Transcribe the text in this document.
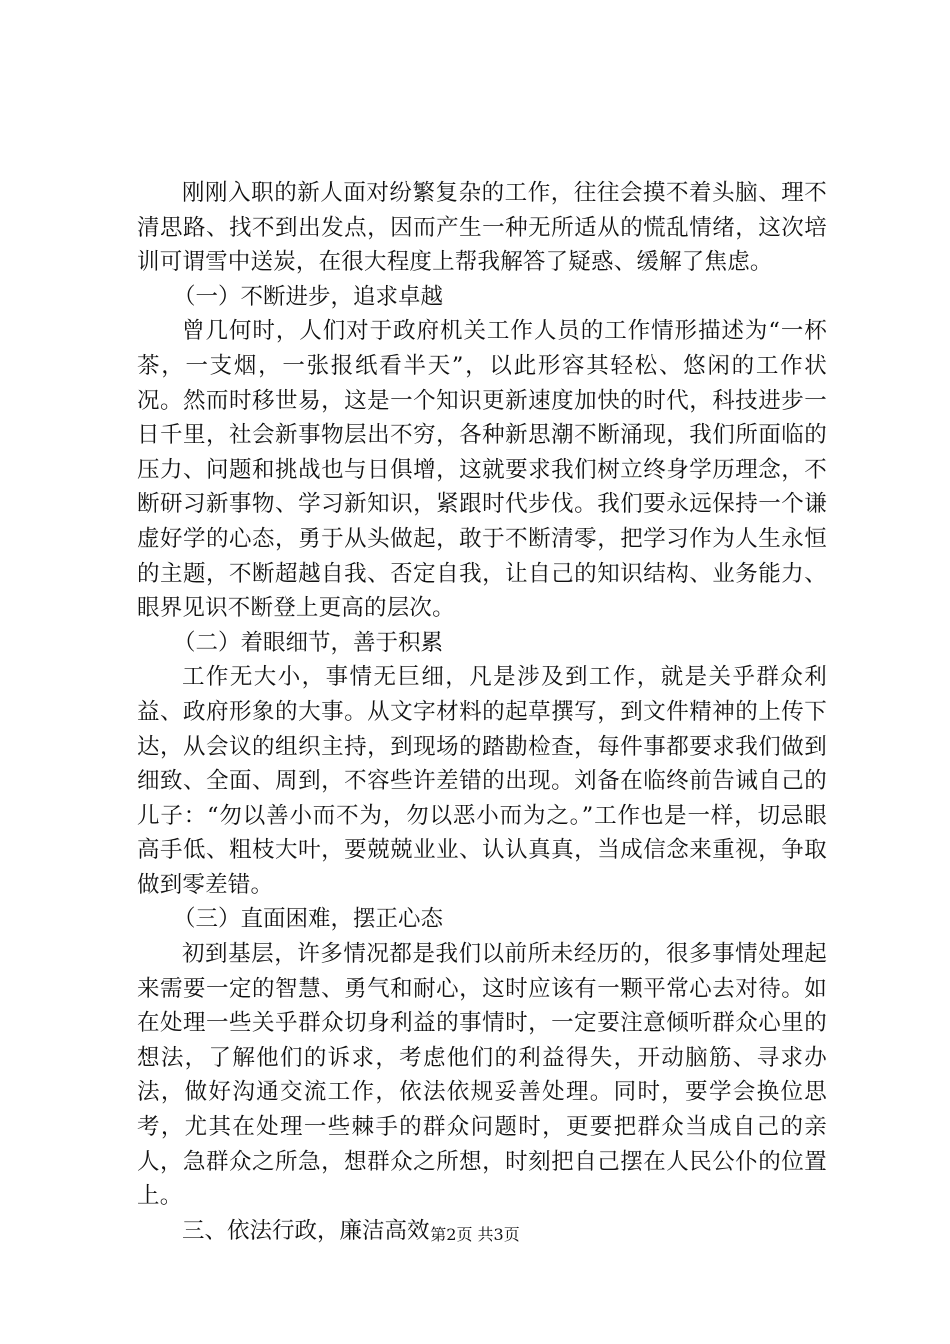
刚刚入职的新人面对纷繁复杂的工作，往往会摸不着头脑、理不清思路、找不到出发点，因而产生一种无所适从的慌乱情绪，这次培训可谓雪中送炭，在很大程度上帮我解答了疑惑、缓解了焦虑。

（一）不断进步，追求卓越

曾几何时，人们对于政府机关工作人员的工作情形描述为“一杯茶，一支烟，一张报纸看半天”，以此形容其轻松、悠闲的工作状况。然而时移世易，这是一个知识更新速度加快的时代，科技进步一日千里，社会新事物层出不穷，各种新思潮不断涌现，我们所面临的压力、问题和挑战也与日俱增，这就要求我们树立终身学历理念，不断研习新事物、学习新知识，紧跟时代步伐。我们要永远保持一个谦虚好学的心态，勇于从头做起，敢于不断清零，把学习作为人生永恒的主题，不断超越自我、否定自我，让自己的知识结构、业务能力、眼界见识不断登上更高的层次。

（二）着眼细节，善于积累

工作无大小，事情无巨细，凡是涉及到工作，就是关乎群众利益、政府形象的大事。从文字材料的起草撰写，到文件精神的上传下达，从会议的组织主持，到现场的踏勘检查，每件事都要求我们做到细致、全面、周到，不容些许差错的出现。刘备在临终前告诫自己的儿子：“勿以善小而不为，勿以恶小而为之。”工作也是一样，切忌眼高手低、粗枝大叶，要兢兢业业、认认真真，当成信念来重视，争取做到零差错。

（三）直面困难，摆正心态

初到基层，许多情况都是我们以前所未经历的，很多事情处理起来需要一定的智慧、勇气和耐心，这时应该有一颗平常心去对待。如在处理一些关乎群众切身利益的事情时，一定要注意倾听群众心里的想法，了解他们的诉求，考虑他们的利益得失，开动脑筋、寻求办法，做好沟通交流工作，依法依规妥善处理。同时，要学会换位思考，尤其在处理一些棘手的群众问题时，更要把群众当成自己的亲人，急群众之所急，想群众之所想，时刻把自己摆在人民公仆的位置上。

三、依法行政，廉洁高效 第2页 共3页
